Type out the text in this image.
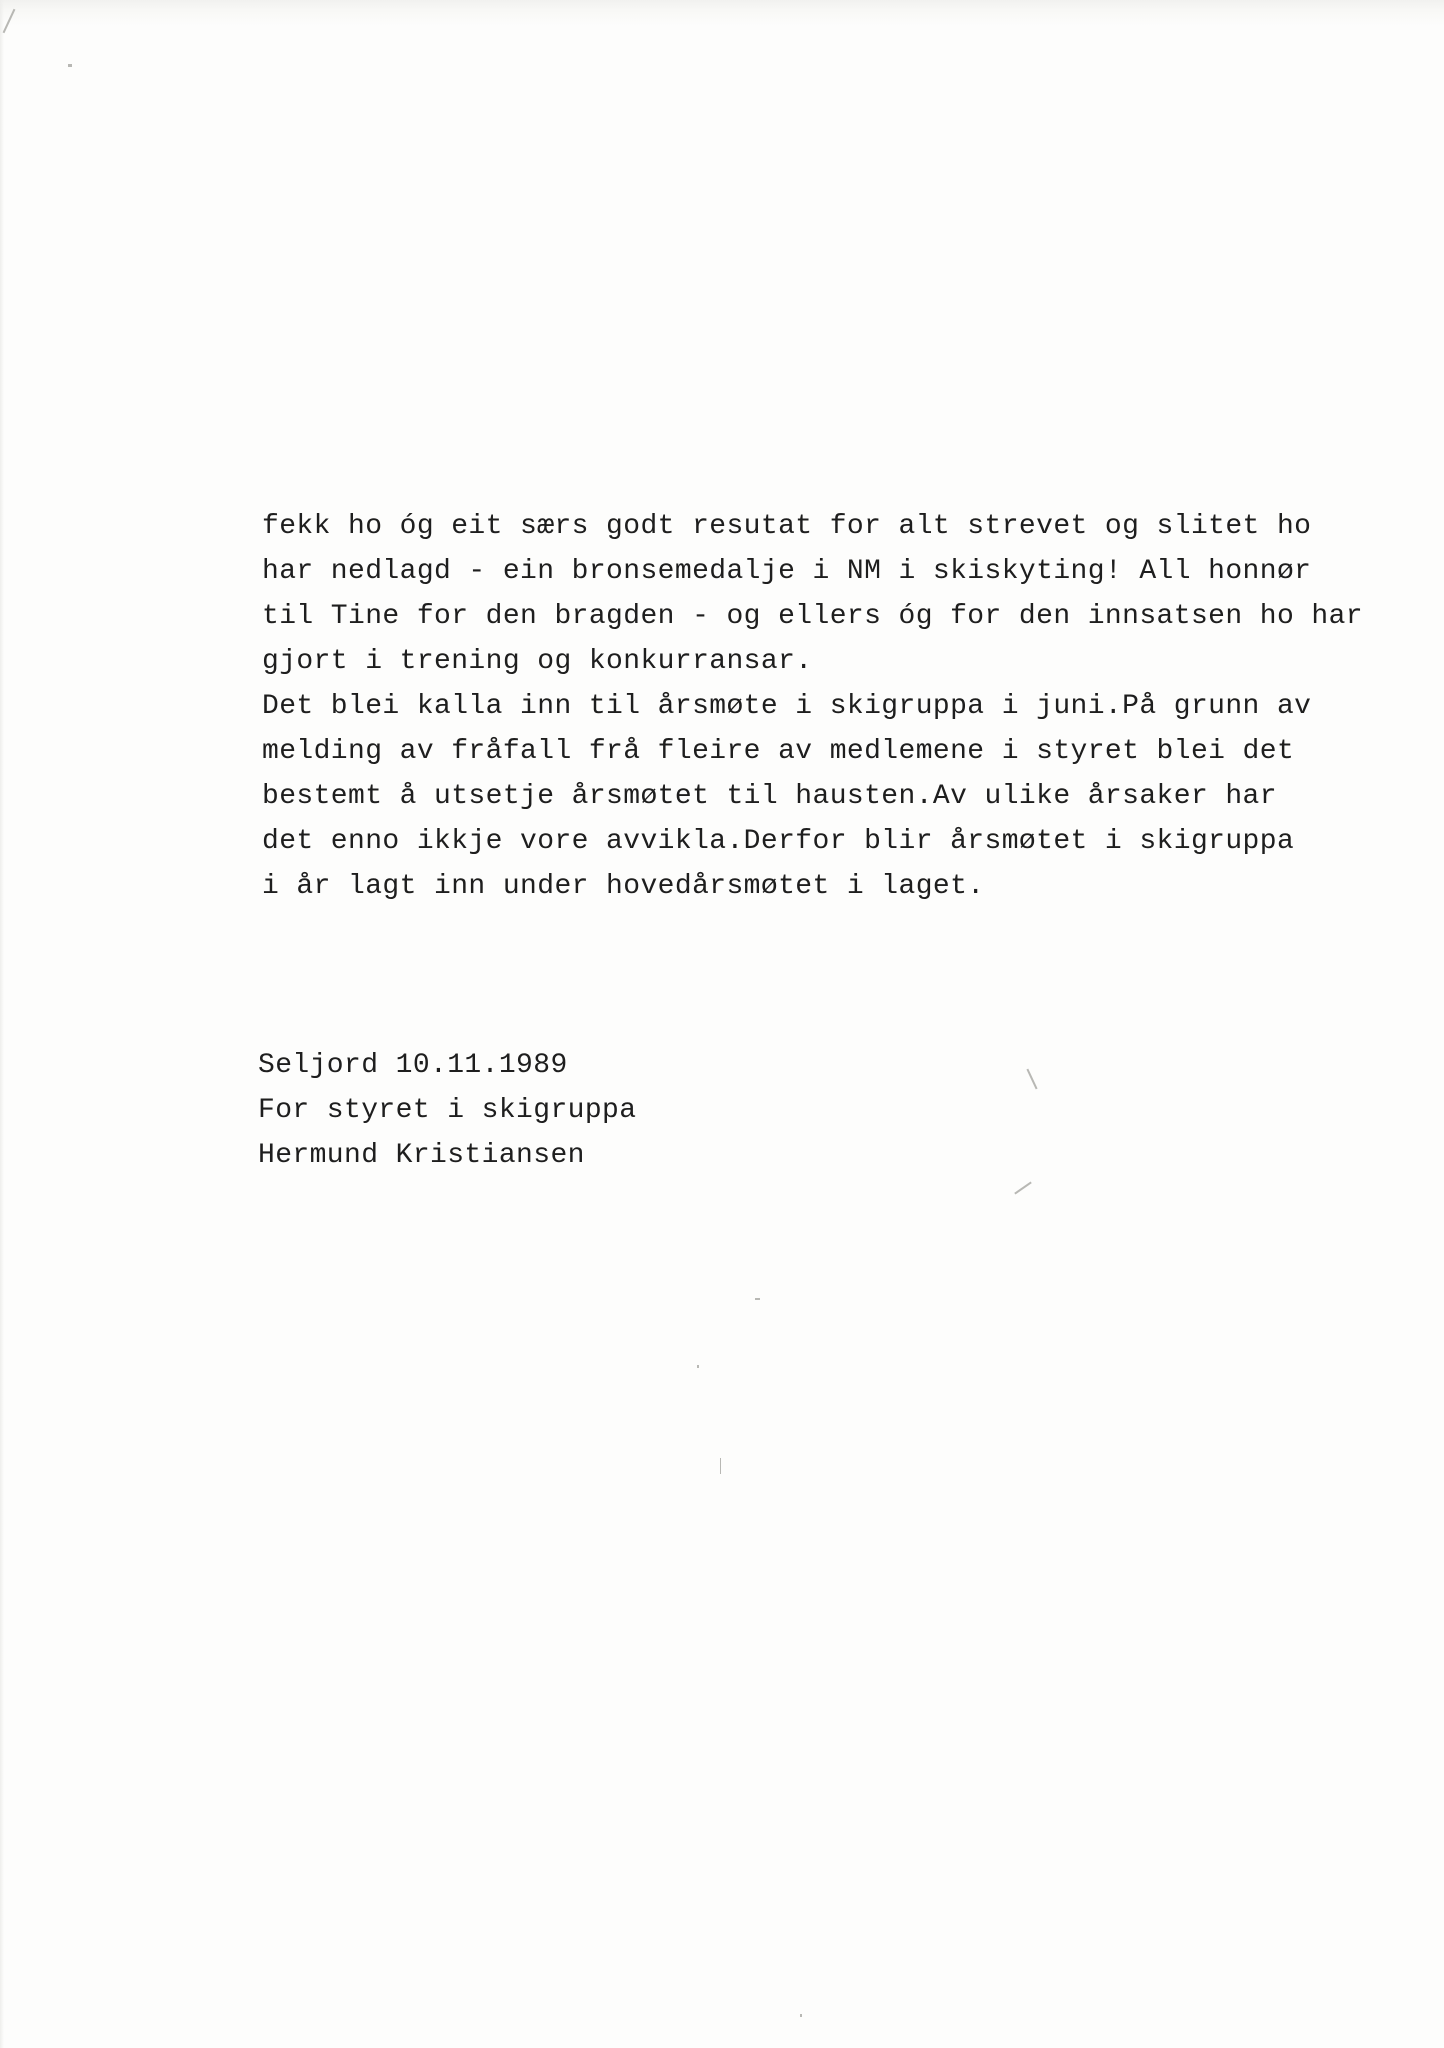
fekk ho óg eit særs godt resutat for alt strevet og slitet ho
har nedlagd - ein bronsemedalje i NM i skiskyting! All honnør
til Tine for den bragden - og ellers óg for den innsatsen ho har
gjort i trening og konkurransar.
Det blei kalla inn til årsmøte i skigruppa i juni.På grunn av
melding av fråfall frå fleire av medlemene i styret blei det
bestemt å utsetje årsmøtet til hausten.Av ulike årsaker har
det enno ikkje vore avvikla.Derfor blir årsmøtet i skigruppa
i år lagt inn under hovedårsmøtet i laget.
Seljord 10.11.1989
For styret i skigruppa
Hermund Kristiansen
